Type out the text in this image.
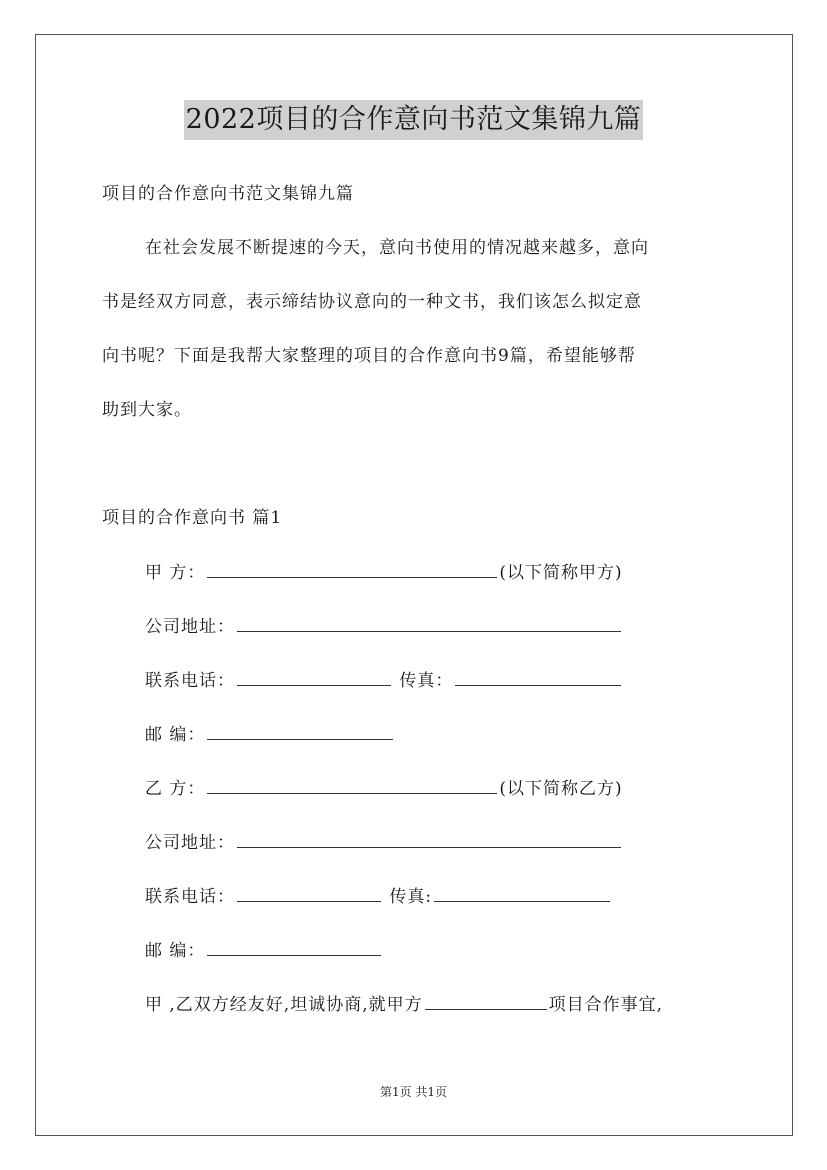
2022项目的合作意向书范文集锦九篇
项目的合作意向书范文集锦九篇
在社会发展不断提速的今天，意向书使用的情况越来越多，意向
书是经双方同意，表示缔结协议意向的一种文书，我们该怎么拟定意
向书呢？下面是我帮大家整理的项目的合作意向书9篇，希望能够帮
助到大家。
项目的合作意向书 篇1
甲 方：	(以下简称甲方)
公司地址：
联系电话：	传真：
邮 编：
乙 方：	(以下简称乙方)
公司地址：
联系电话：	传真:
邮 编：
甲 ,乙双方经友好,坦诚协商,就甲方	项目合作事宜,
第1页 共1页
